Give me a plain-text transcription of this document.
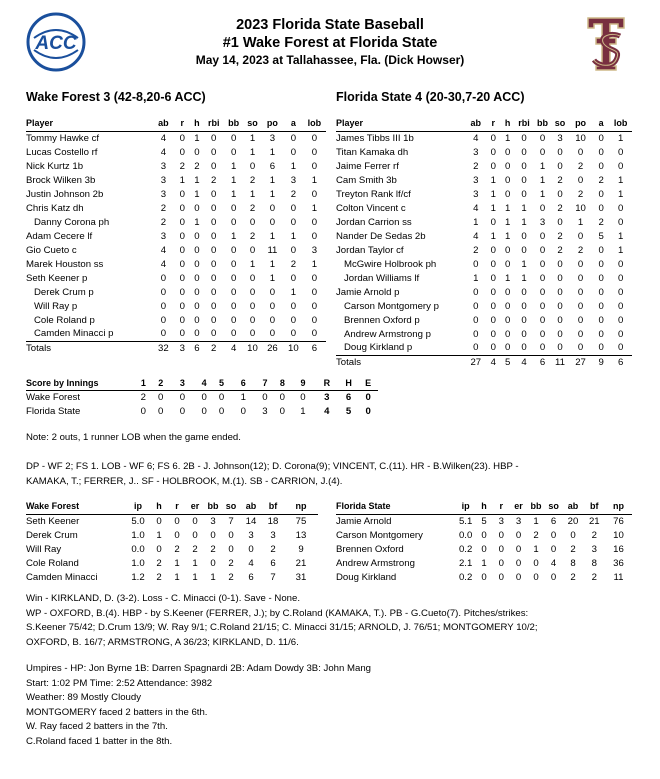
ACC
2023 Florida State Baseball
#1 Wake Forest at Florida State
May 14, 2023 at Tallahassee, Fla. (Dick Howser)
Wake Forest 3 (42-8,20-6 ACC)	Florida State 4 (20-30,7-20 ACC)
Player	ab	r	h	rbi	bb	so	po	a	lob
Tommy Hawke cf	4	0	1	0	0	1	3	0	0
Lucas Costello rf	4	0	0	0	0	1	1	0	0
Nick Kurtz 1b	3	2	2	0	1	0	6	1	0
Brock Wilken 3b	3	1	1	2	1	2	1	3	1
Justin Johnson 2b	3	0	1	0	1	1	1	2	0
Chris Katz dh	2	0	0	0	0	2	0	0	1
Danny Corona ph	2	0	1	0	0	0	0	0	0
Adam Cecere lf	3	0	0	0	1	2	1	1	0
Gio Cueto c	4	0	0	0	0	0	11	0	3
Marek Houston ss	4	0	0	0	0	1	1	2	1
Seth Keener p	0	0	0	0	0	0	1	0	0
Derek Crum p	0	0	0	0	0	0	0	1	0
Will Ray p	0	0	0	0	0	0	0	0	0
Cole Roland p	0	0	0	0	0	0	0	0	0
Camden Minacci p	0	0	0	0	0	0	0	0	0
Totals	32	3	6	2	4	10	26	10	6
Player	ab	r	h	rbi	bb	so	po	a	lob
James Tibbs III 1b	4	0	1	0	0	3	10	0	1
Titan Kamaka dh	3	0	0	0	0	0	0	0	0
Jaime Ferrer rf	2	0	0	0	1	0	2	0	0
Cam Smith 3b	3	1	0	0	1	2	0	2	1
Treyton Rank lf/cf	3	1	0	0	1	0	2	0	1
Colton Vincent c	4	1	1	1	0	2	10	0	0
Jordan Carrion ss	1	0	1	1	3	0	1	2	0
Nander De Sedas 2b	4	1	1	0	0	2	0	5	1
Jordan Taylor cf	2	0	0	0	0	2	2	0	1
McGwire Holbrook ph	0	0	0	1	0	0	0	0	0
Jordan Williams lf	1	0	1	1	0	0	0	0	0
Jamie Arnold p	0	0	0	0	0	0	0	0	0
Carson Montgomery p	0	0	0	0	0	0	0	0	0
Brennen Oxford p	0	0	0	0	0	0	0	0	0
Andrew Armstrong p	0	0	0	0	0	0	0	0	0
Doug Kirkland p	0	0	0	0	0	0	0	0	0
Totals	27	4	5	4	6	11	27	9	6
Score by Innings	1	2	3	4	5	6	7	8	9	R	H	E
Wake Forest	2	0	0	0	0	1	0	0	0	3	6	0
Florida State	0	0	0	0	0	0	3	0	1	4	5	0
Note: 2 outs, 1 runner LOB when the game ended.
DP - WF 2; FS 1. LOB - WF 6; FS 6. 2B - J. Johnson(12); D. Corona(9); VINCENT, C.(11). HR - B.Wilken(23). HBP -
KAMAKA, T.; FERRER, J.. SF - HOLBROOK, M.(1). SB - CARRION, J.(4).
Wake Forest	ip	h	r	er	bb	so	ab	bf	np
Seth Keener	5.0	0	0	0	3	7	14	18	75
Derek Crum	1.0	1	0	0	0	0	3	3	13
Will Ray	0.0	0	2	2	2	0	0	2	9
Cole Roland	1.0	2	1	1	0	2	4	6	21
Camden Minacci	1.2	2	1	1	1	2	6	7	31
Florida State	ip	h	r	er	bb	so	ab	bf	np
Jamie Arnold	5.1	5	3	3	1	6	20	21	76
Carson Montgomery	0.0	0	0	0	2	0	0	2	10
Brennen Oxford	0.2	0	0	0	1	0	2	3	16
Andrew Armstrong	2.1	1	0	0	0	4	8	8	36
Doug Kirkland	0.2	0	0	0	0	0	2	2	11
Win - KIRKLAND, D. (3-2). Loss - C. Minacci (0-1). Save - None.
WP - OXFORD, B.(4). HBP - by S.Keener (FERRER, J.); by C.Roland (KAMAKA, T.). PB - G.Cueto(7). Pitches/strikes:
S.Keener 75/42; D.Crum 13/9; W. Ray 9/1; C.Roland 21/15; C. Minacci 31/15; ARNOLD, J. 76/51; MONTGOMERY 10/2;
OXFORD, B. 16/7; ARMSTRONG, A 36/23; KIRKLAND, D. 11/6.
Umpires - HP: Jon Byrne 1B: Darren Spagnardi 2B: Adam Dowdy 3B: John Mang
Start: 1:02 PM Time: 2:52 Attendance: 3982
Weather: 89 Mostly Cloudy
MONTGOMERY faced 2 batters in the 6th.
W. Ray faced 2 batters in the 7th.
C.Roland faced 1 batter in the 8th.
